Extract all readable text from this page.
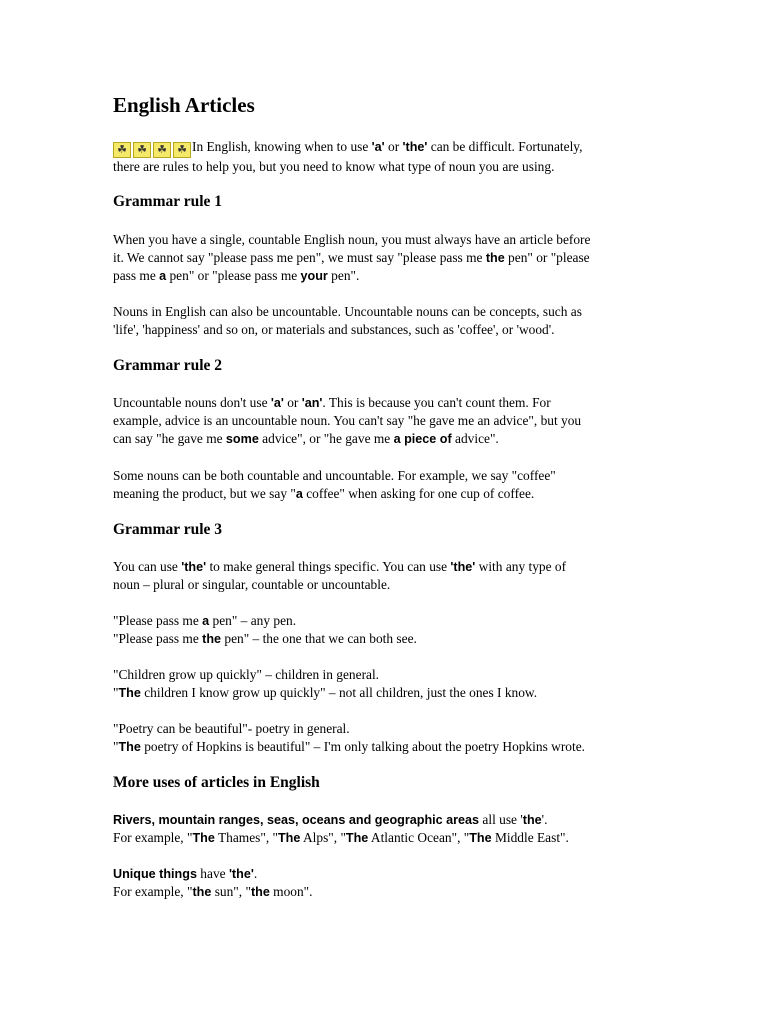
English Articles

☘ ☘ ☘ ☘ In English, knowing when to use 'a' or 'the' can be difficult. Fortunately,
there are rules to help you, but you need to know what type of noun you are using.

Grammar rule 1

When you have a single, countable English noun, you must always have an article before
it. We cannot say "please pass me pen", we must say "please pass me the pen" or "please
pass me a pen" or "please pass me your pen".

Nouns in English can also be uncountable. Uncountable nouns can be concepts, such as
'life', 'happiness' and so on, or materials and substances, such as 'coffee', or 'wood'.

Grammar rule 2

Uncountable nouns don't use 'a' or 'an'. This is because you can't count them. For
example, advice is an uncountable noun. You can't say "he gave me an advice", but you
can say "he gave me some advice", or "he gave me a piece of advice".

Some nouns can be both countable and uncountable. For example, we say "coffee"
meaning the product, but we say "a coffee" when asking for one cup of coffee.

Grammar rule 3

You can use 'the' to make general things specific. You can use 'the' with any type of
noun – plural or singular, countable or uncountable.

"Please pass me a pen" – any pen.
"Please pass me the pen" – the one that we can both see.

"Children grow up quickly" – children in general.
"The children I know grow up quickly" – not all children, just the ones I know.

"Poetry can be beautiful"- poetry in general.
"The poetry of Hopkins is beautiful" – I'm only talking about the poetry Hopkins wrote.

More uses of articles in English

Rivers, mountain ranges, seas, oceans and geographic areas all use 'the'.
For example, "The Thames", "The Alps", "The Atlantic Ocean", "The Middle East".

Unique things have 'the'.
For example, "the sun", "the moon".
